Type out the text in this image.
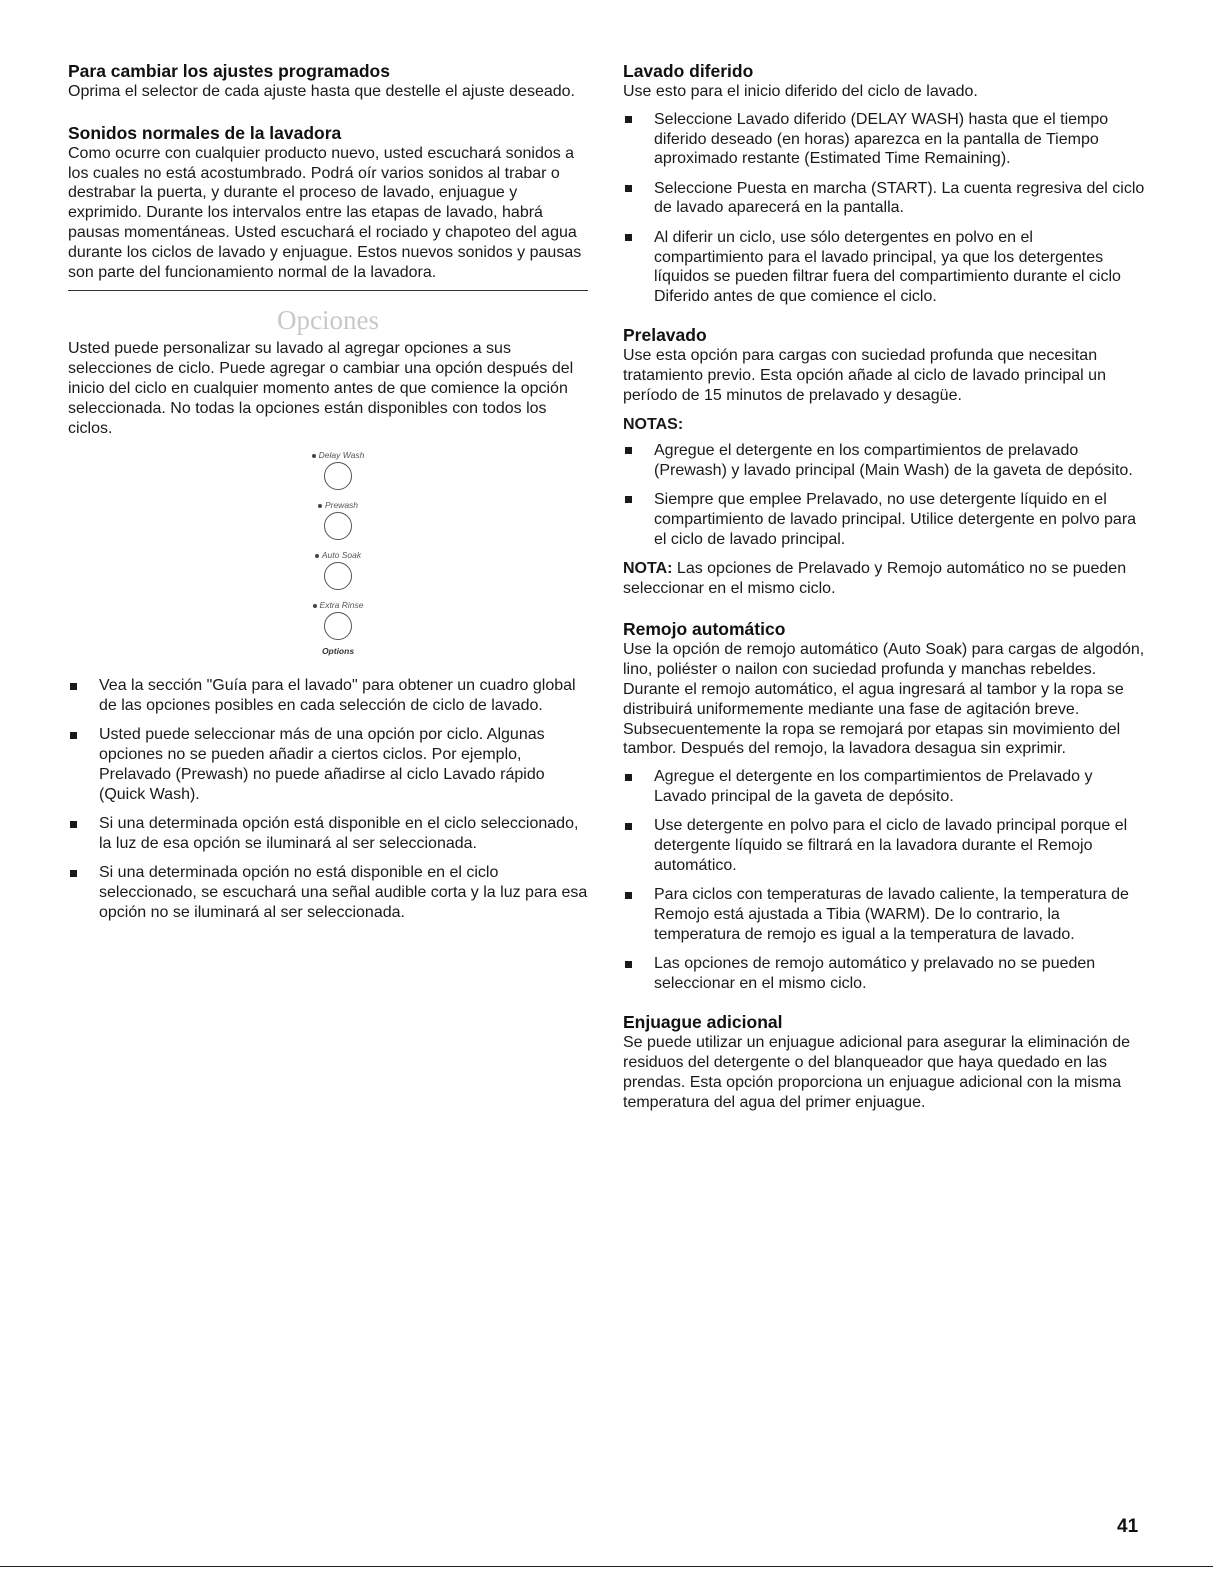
Para cambiar los ajustes programados

Oprima el selector de cada ajuste hasta que destelle el ajuste deseado.

Sonidos normales de la lavadora

Como ocurre con cualquier producto nuevo, usted escuchará sonidos a los cuales no está acostumbrado. Podrá oír varios sonidos al trabar o destrabar la puerta, y durante el proceso de lavado, enjuague y exprimido. Durante los intervalos entre las etapas de lavado, habrá pausas momentáneas. Usted escuchará el rociado y chapoteo del agua durante los ciclos de lavado y enjuague. Estos nuevos sonidos y pausas son parte del funcionamiento normal de la lavadora.

Opciones

Usted puede personalizar su lavado al agregar opciones a sus selecciones de ciclo. Puede agregar o cambiar una opción después del inicio del ciclo en cualquier momento antes de que comience la opción seleccionada. No todas la opciones están disponibles con todos los ciclos.

Delay Wash
Prewash
Auto Soak
Extra Rinse
Options
Vea la sección "Guía para el lavado" para obtener un cuadro global de las opciones posibles en cada selección de ciclo de lavado.
Usted puede seleccionar más de una opción por ciclo. Algunas opciones no se pueden añadir a ciertos ciclos. Por ejemplo, Prelavado (Prewash) no puede añadirse al ciclo Lavado rápido (Quick Wash).
Si una determinada opción está disponible en el ciclo seleccionado, la luz de esa opción se iluminará al ser seleccionada.
Si una determinada opción no está disponible en el ciclo seleccionado, se escuchará una señal audible corta y la luz para esa opción no se iluminará al ser seleccionada.
Lavado diferido

Use esto para el inicio diferido del ciclo de lavado.

Seleccione Lavado diferido (DELAY WASH) hasta que el tiempo diferido deseado (en horas) aparezca en la pantalla de Tiempo aproximado restante (Estimated Time Remaining).
Seleccione Puesta en marcha (START). La cuenta regresiva del ciclo de lavado aparecerá en la pantalla.
Al diferir un ciclo, use sólo detergentes en polvo en el compartimiento para el lavado principal, ya que los detergentes líquidos se pueden filtrar fuera del compartimiento durante el ciclo Diferido antes de que comience el ciclo.
Prelavado

Use esta opción para cargas con suciedad profunda que necesitan tratamiento previo. Esta opción añade al ciclo de lavado principal un período de 15 minutos de prelavado y desagüe.

NOTAS:
Agregue el detergente en los compartimientos de prelavado (Prewash) y lavado principal (Main Wash) de la gaveta de depósito.
Siempre que emplee Prelavado, no use detergente líquido en el compartimiento de lavado principal. Utilice detergente en polvo para el ciclo de lavado principal.

NOTA: Las opciones de Prelavado y Remojo automático no se pueden seleccionar en el mismo ciclo.

Remojo automático

Use la opción de remojo automático (Auto Soak) para cargas de algodón, lino, poliéster o nailon con suciedad profunda y manchas rebeldes. Durante el remojo automático, el agua ingresará al tambor y la ropa se distribuirá uniformemente mediante una fase de agitación breve. Subsecuentemente la ropa se remojará por etapas sin movimiento del tambor. Después del remojo, la lavadora desagua sin exprimir.

Agregue el detergente en los compartimientos de Prelavado y Lavado principal de la gaveta de depósito.
Use detergente en polvo para el ciclo de lavado principal porque el detergente líquido se filtrará en la lavadora durante el Remojo automático.
Para ciclos con temperaturas de lavado caliente, la temperatura de Remojo está ajustada a Tibia (WARM). De lo contrario, la temperatura de remojo es igual a la temperatura de lavado.
Las opciones de remojo automático y prelavado no se pueden seleccionar en el mismo ciclo.
Enjuague adicional

Se puede utilizar un enjuague adicional para asegurar la eliminación de residuos del detergente o del blanqueador que haya quedado en las prendas. Esta opción proporciona un enjuague adicional con la misma temperatura del agua del primer enjuague.

41
